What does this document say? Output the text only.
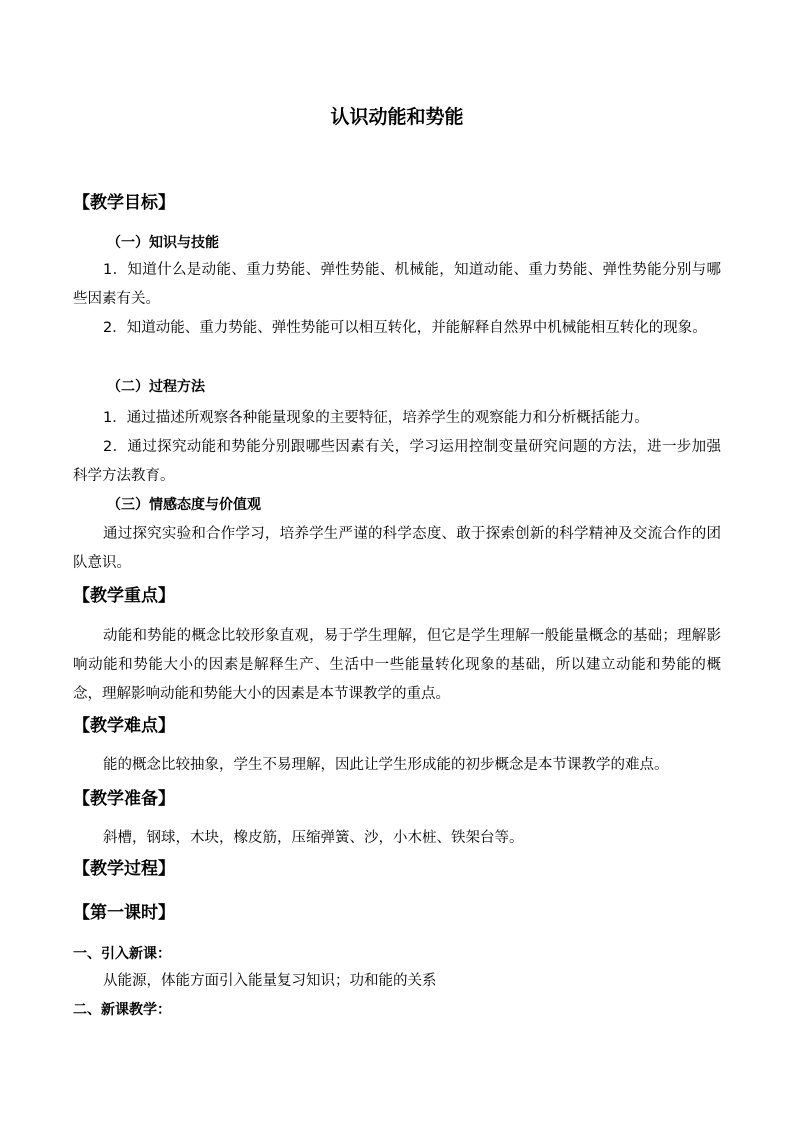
认识动能和势能
【教学目标】
（一）知识与技能
1．知道什么是动能、重力势能、弹性势能、机械能，知道动能、重力势能、弹性势能分别与哪些因素有关。
2．知道动能、重力势能、弹性势能可以相互转化，并能解释自然界中机械能相互转化的现象。
（二）过程方法
1．通过描述所观察各种能量现象的主要特征，培养学生的观察能力和分析概括能力。
2．通过探究动能和势能分别跟哪些因素有关，学习运用控制变量研究问题的方法，进一步加强科学方法教育。
（三）情感态度与价值观
通过探究实验和合作学习，培养学生严谨的科学态度、敢于探索创新的科学精神及交流合作的团队意识。
【教学重点】
动能和势能的概念比较形象直观，易于学生理解，但它是学生理解一般能量概念的基础；理解影响动能和势能大小的因素是解释生产、生活中一些能量转化现象的基础，所以建立动能和势能的概念，理解影响动能和势能大小的因素是本节课教学的重点。
【教学难点】
能的概念比较抽象，学生不易理解，因此让学生形成能的初步概念是本节课教学的难点。
【教学准备】
斜槽，钢球，木块，橡皮筋，压缩弹簧、沙，小木桩、铁架台等。
【教学过程】
【第一课时】
一、引入新课：
从能源，体能方面引入能量复习知识；功和能的关系
二、新课教学：
